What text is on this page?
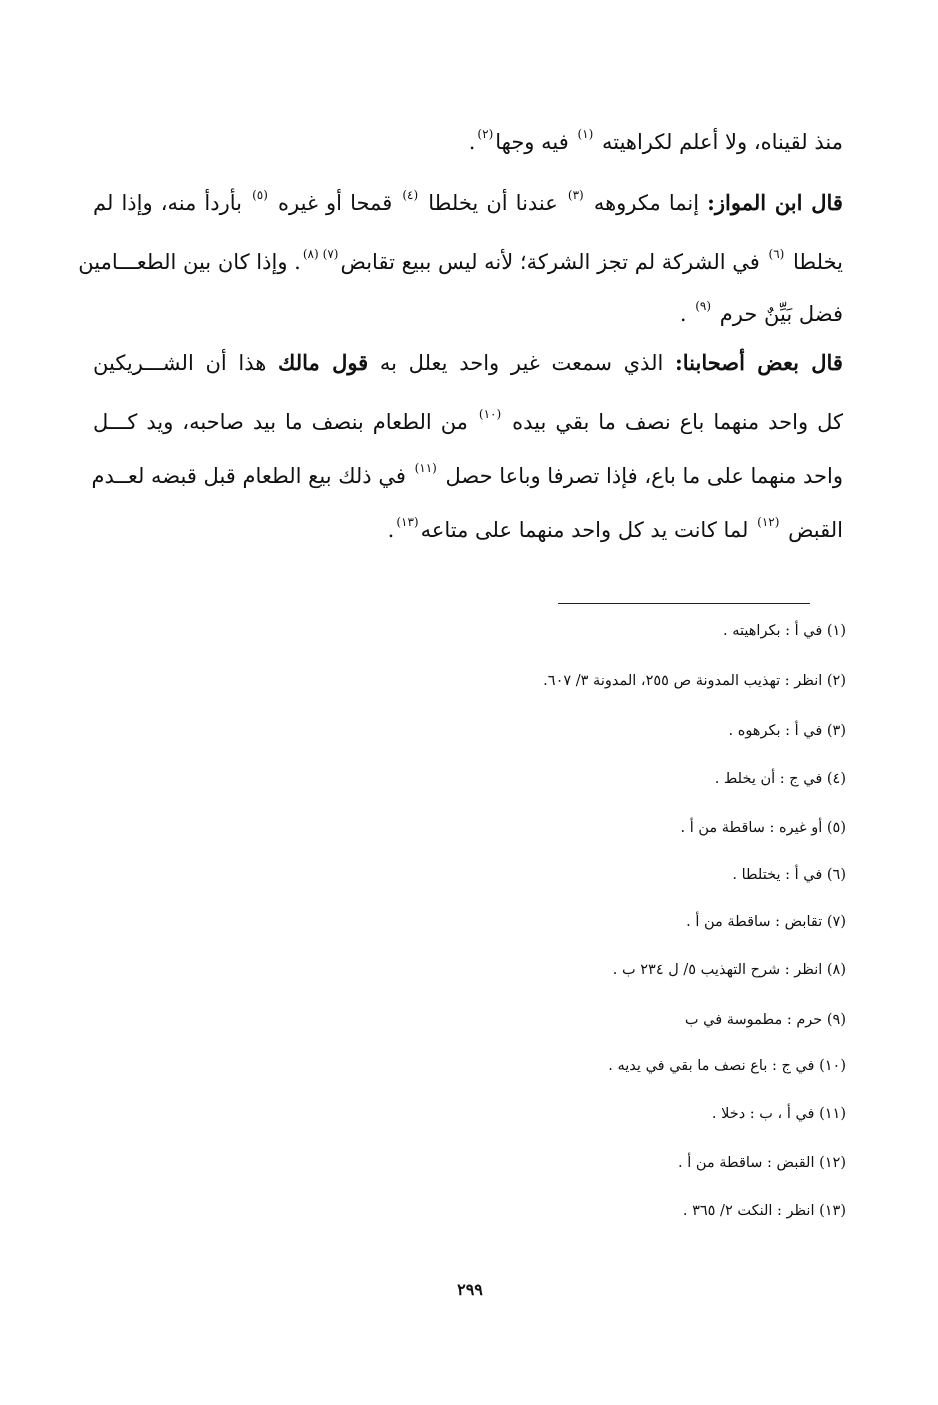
منذ لقيناه، ولا أعلم لكراهيته $^{(١)}$ فيه وجها$^{(٢)}$.
قال ابن المواز: إنما مكروهه $^{(٣)}$ عندنا أن يخلطا $^{(٤)}$ قمحا أو غيره $^{(٥)}$ بأردأ منه، وإذا لم
يخلطا $^{(٦)}$ في الشركة لم تجز الشركة؛ لأنه ليس ببيع تقابض$^{(٧)(٨)}$. وإذا كان بين الطعـــامين
فضل بَيِّنٌ حرم $^{(٩)}$ .
قال بعض أصحابنا: الذي سمعت غير واحد يعلل به قول مالك هذا أن الشـــريكين
كل واحد منهما باع نصف ما بقي بيده $^{(١٠)}$ من الطعام بنصف ما بيد صاحبه، ويد كـــل
واحد منهما على ما باع، فإذا تصرفا وباعا حصل $^{(١١)}$ في ذلك بيع الطعام قبل قبضه لعــدم
القبض $^{(١٢)}$ لما كانت يد كل واحد منهما على متاعه$^{(١٣)}$.
(١) في أ : بكراهيته .
(٢) انظر : تهذيب المدونة ص ٢٥٥، المدونة ٣/ ٦٠٧.
(٣) في أ : بكرهوه .
(٤) في ج : أن يخلط .
(٥) أو غيره : ساقطة من أ .
(٦) في أ : يختلطا .
(٧) تقابض : ساقطة من أ .
(٨) انظر : شرح التهذيب ٥/ ل ٢٣٤ ب .
(٩) حرم : مطموسة في ب
(١٠) في ج : باع نصف ما بقي في يديه .
(١١) في أ ، ب : دخلا .
(١٢) القبض : ساقطة من أ .
(١٣) انظر : النكت ٢/ ٣٦٥ .
٢٩٩
